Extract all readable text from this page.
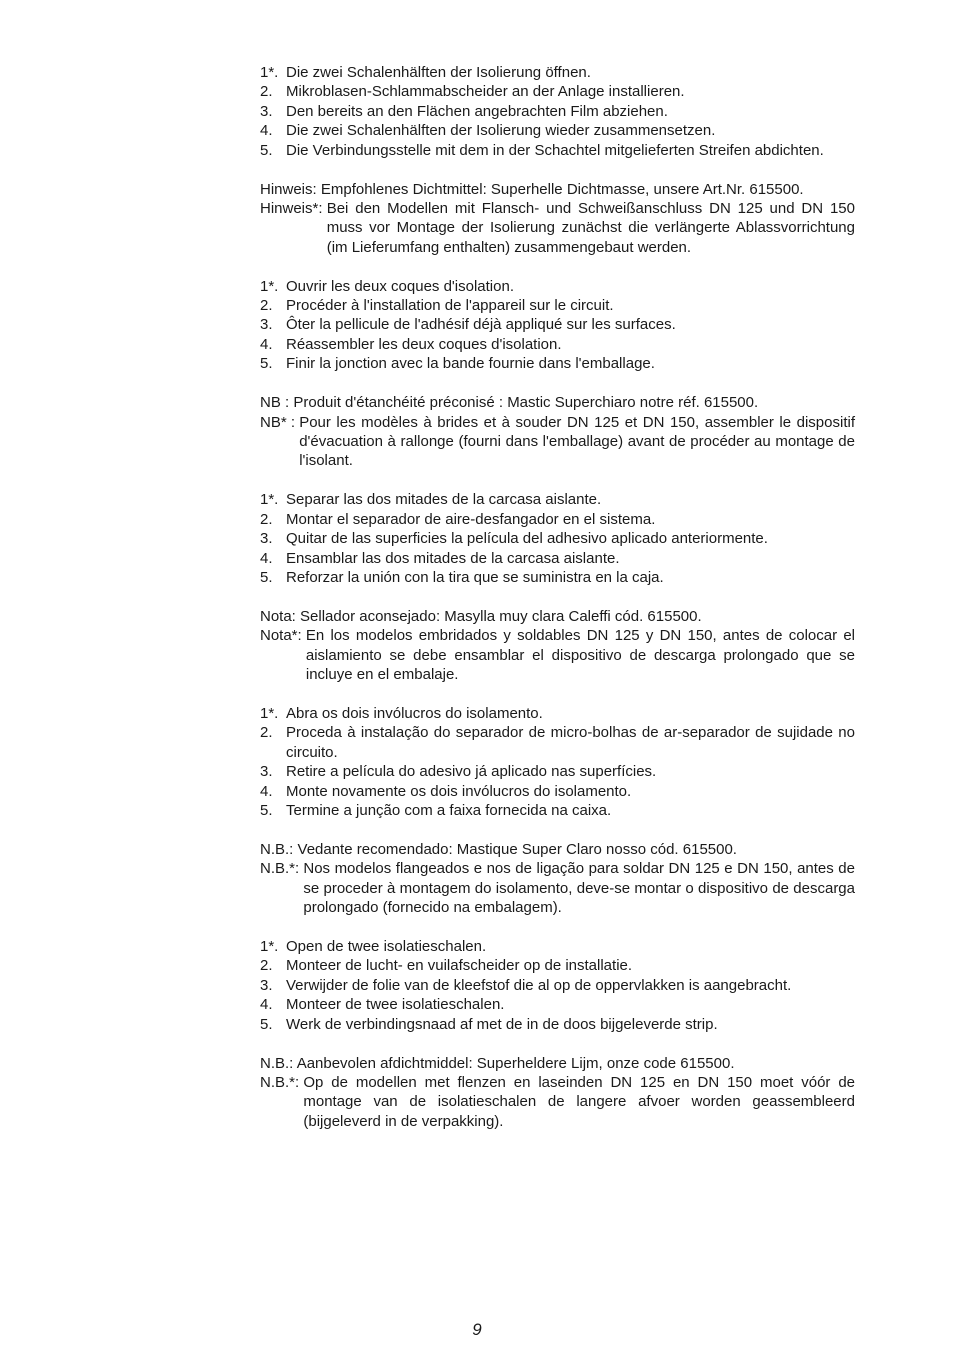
1*. Die zwei Schalenhälften der Isolierung öffnen.
2. Mikroblasen-Schlammabscheider an der Anlage installieren.
3. Den bereits an den Flächen angebrachten Film abziehen.
4. Die zwei Schalenhälften der Isolierung wieder zusammensetzen.
5. Die Verbindungsstelle mit dem in der Schachtel mitgelieferten Streifen abdichten.
Hinweis: Empfohlenes Dichtmittel: Superhelle Dichtmasse, unsere Art.Nr. 615500.
Hinweis*:
Bei den Modellen mit Flansch- und Schweißanschluss DN 125 und DN 150 muss vor Montage der Isolierung zunächst die verlängerte Ablassvorrichtung (im Lieferumfang enthalten) zusammengebaut werden.
1*. Ouvrir les deux coques d'isolation.
2. Procéder à l'installation de l'appareil sur le circuit.
3. Ôter la pellicule de l'adhésif déjà appliqué sur les surfaces.
4. Réassembler les deux coques d'isolation.
5. Finir la jonction avec la bande fournie dans l'emballage.
NB : Produit d'étanchéité préconisé : Mastic Superchiaro notre réf. 615500.
NB* :
Pour les modèles à brides et à souder DN 125 et DN 150, assembler le dispositif d'évacuation à rallonge (fourni dans l'emballage) avant de procéder au montage de l'isolant.
1*. Separar las dos mitades de la carcasa aislante.
2. Montar el separador de aire-desfangador en el sistema.
3. Quitar de las superficies la película del adhesivo aplicado anteriormente.
4. Ensamblar las dos mitades de la carcasa aislante.
5. Reforzar la unión con la tira que se suministra en la caja.
Nota: Sellador aconsejado: Masylla muy clara Caleffi cód. 615500.
Nota*:
En los modelos embridados y soldables DN 125 y DN 150, antes de colocar el aislamiento se debe ensamblar el dispositivo de descarga prolongado que se incluye en el embalaje.
1*. Abra os dois invólucros do isolamento.
2. Proceda à instalação do separador de micro-bolhas de ar-separador de sujidade no circuito.
3. Retire a película do adesivo já aplicado nas superfícies.
4. Monte novamente os dois invólucros do isolamento.
5. Termine a junção com a faixa fornecida na caixa.
N.B.: Vedante recomendado: Mastique Super Claro nosso cód. 615500.
N.B.*:
Nos modelos flangeados e nos de ligação para soldar DN 125 e DN 150, antes de se proceder à montagem do isolamento, deve-se montar o dispositivo de descarga prolongado (fornecido na embalagem).
1*. Open de twee isolatieschalen.
2. Monteer de lucht- en vuilafscheider op de installatie.
3. Verwijder de folie van de kleefstof die al op de oppervlakken is aangebracht.
4. Monteer de twee isolatieschalen.
5. Werk de verbindingsnaad af met de in de doos bijgeleverde strip.
N.B.: Aanbevolen afdichtmiddel: Superheldere Lijm, onze code 615500.
N.B.*:
Op de modellen met flenzen en laseinden DN 125 en DN 150 moet vóór de montage van de isolatieschalen de langere afvoer worden geassembleerd (bijgeleverd in de verpakking).
9
